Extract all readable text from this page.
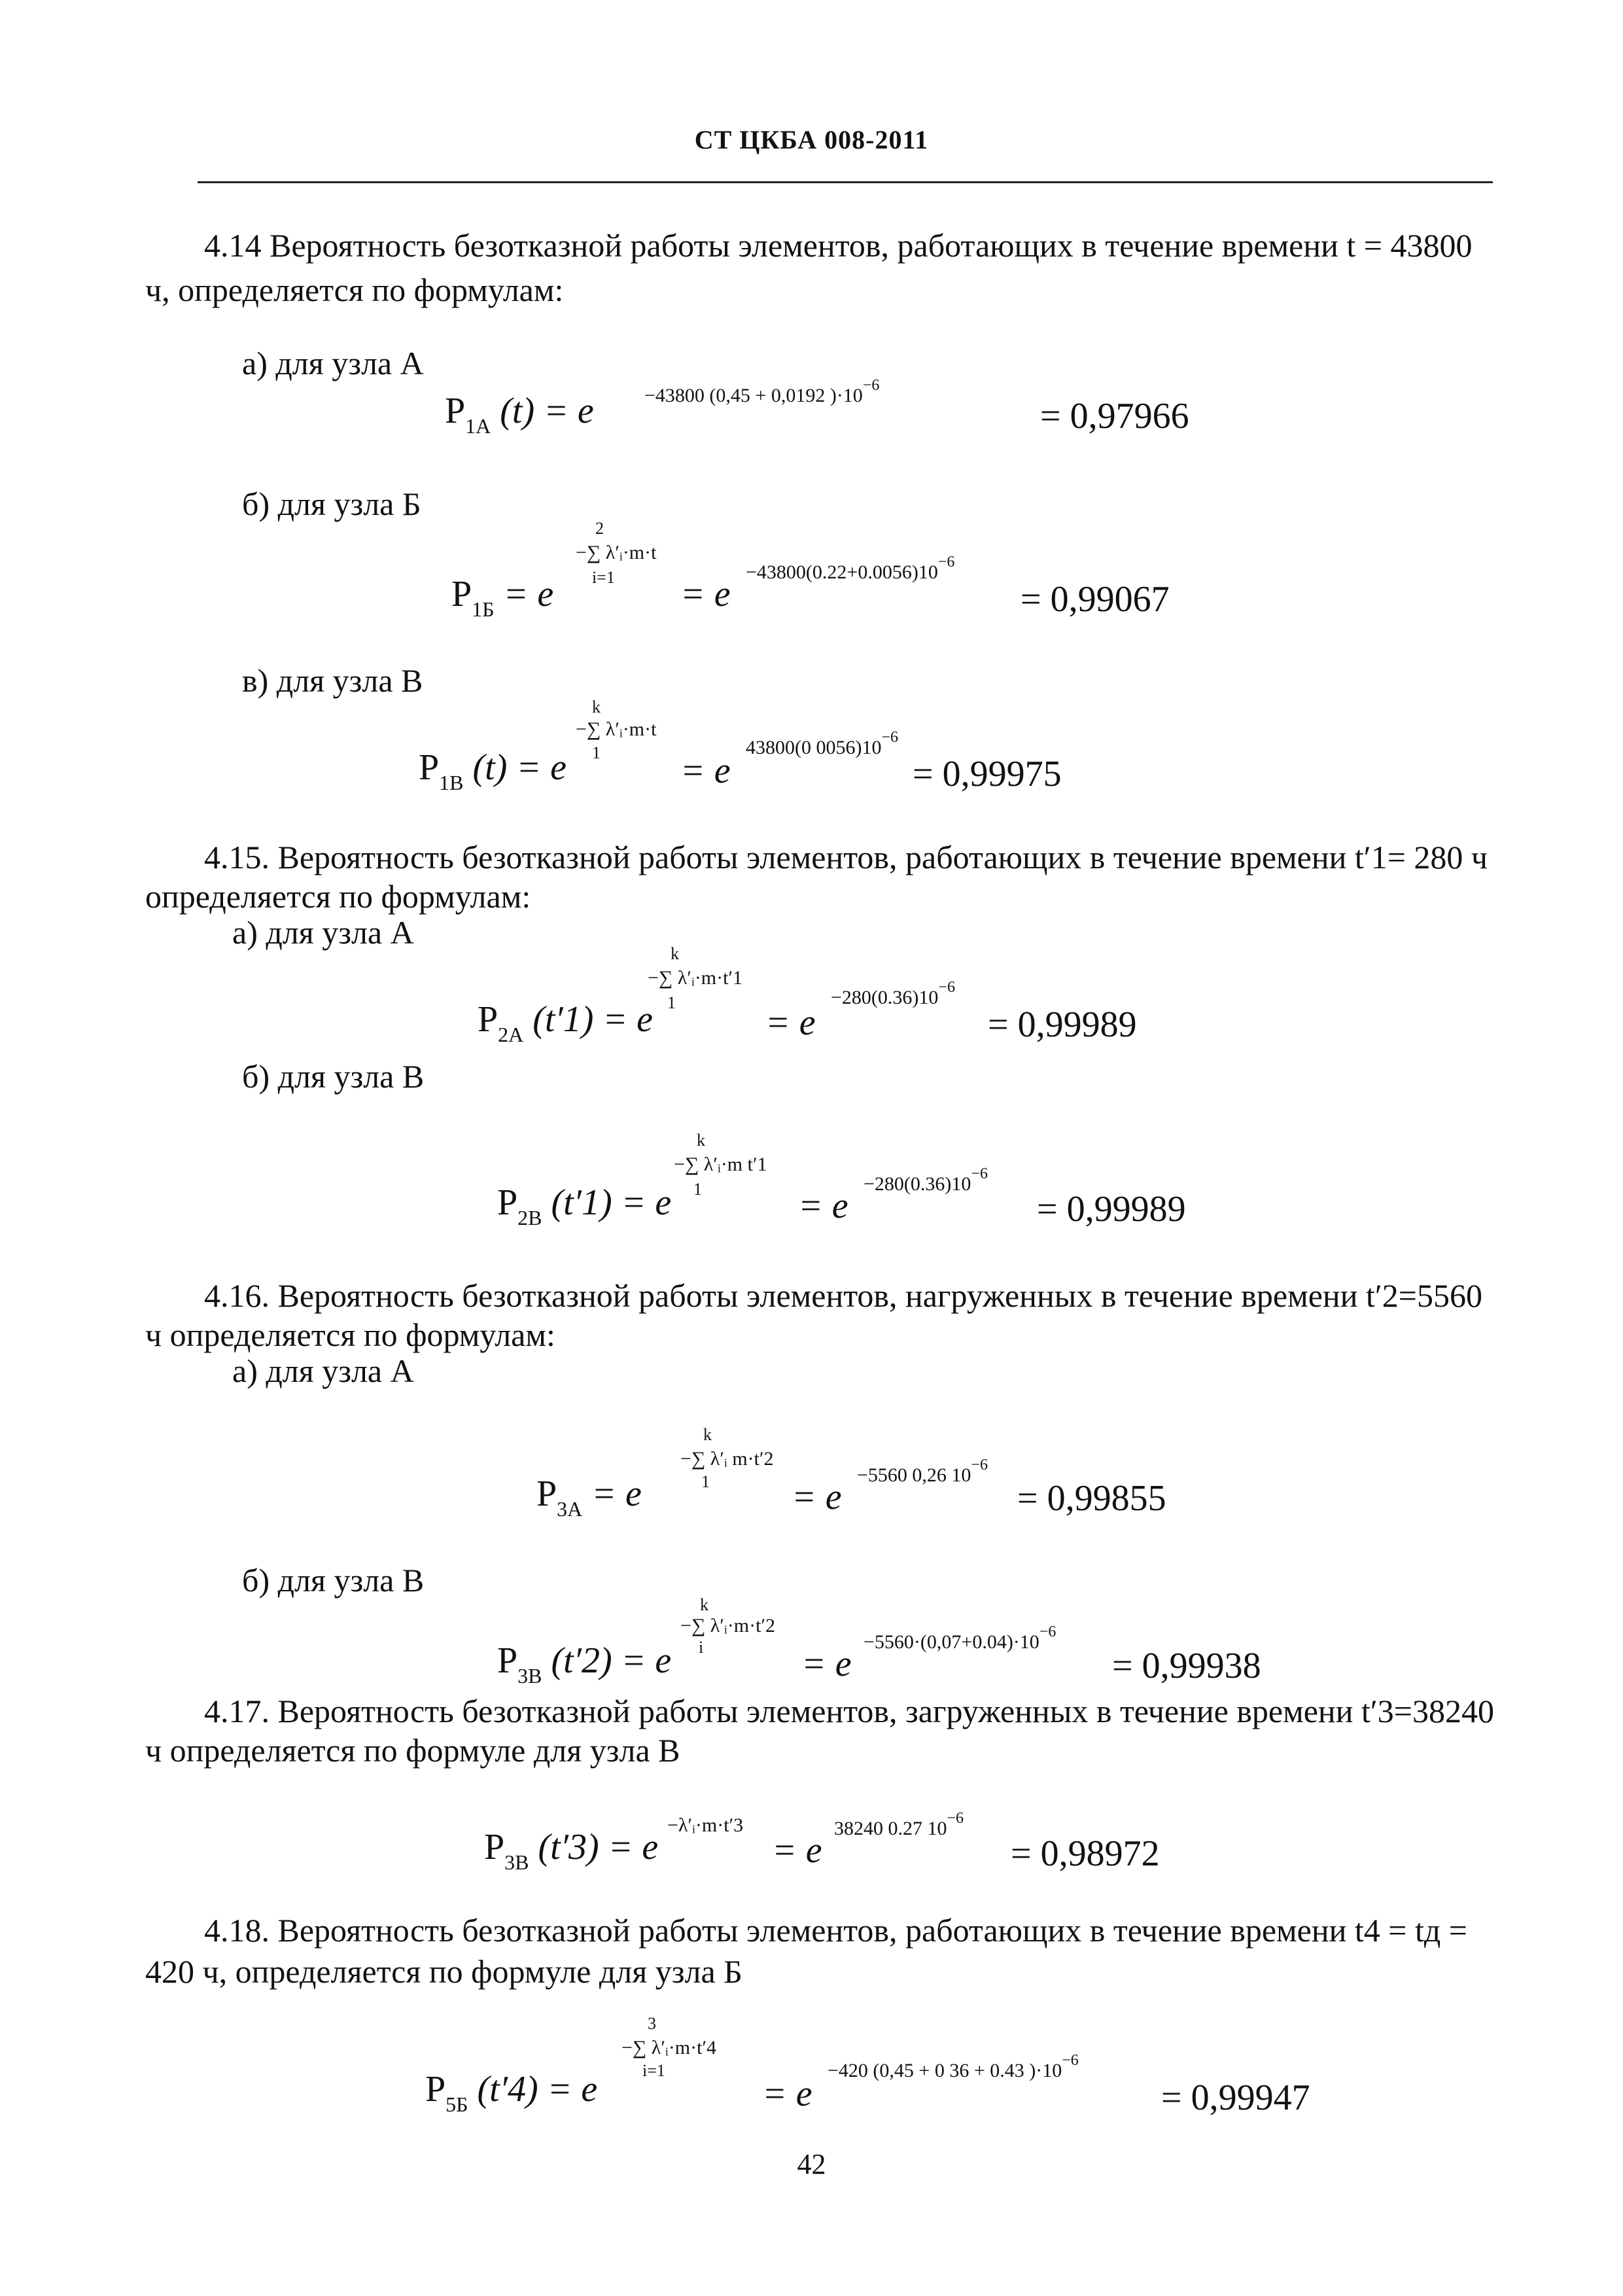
СТ ЦКБА 008-2011
4.14 Вероятность безотказной работы элементов, работающих в течение времени t = 43800
ч, определяется по формулам:
а) для узла А
$P_{1A}$ (t) = e	−43800 (0,45 + 0,0192 )$\cdot 10^{-6}$
= 0,97966
б) для узла Б
$P_{1Б} = e$
2
−∑ λ′ᵢ·m·t
i=1 = e
$-43800(0.22+0.0056)10^{-6}$
= 0,99067
в) для узла В
$P_{1В}$ (t) = e
k
−∑ λ′ᵢ·m·t
1 = e
43800(0 $0056)10^{-6}$
= 0,99975
4.15. Вероятность безотказной работы элементов, работающих в течение времени t′1= 280 ч
определяется по формулам:
а) для узла А
$P_{2А}$ (t′1) = e
k
−∑ λ′ᵢ·m·t′1
1 = e
$-280(0.36)10^{-6}$
= 0,99989
б) для узла В
$P_{2В}$ (t′1) = e
k
−∑ λ′ᵢ·m t′1
1	= e
$-280(0.36)10^{-6}$
= 0,99989
4.16. Вероятность безотказной работы элементов, нагруженных в течение времени t′2=5560
ч определяется по формулам:
а) для узла А
$P_{3A} = e$
k
−∑ λ′ᵢ m·t′2
1 = e
−5560 0,26 $10^{-6}$
= 0,99855
б) для узла В
$P_{3В}$ (t′2) = e
k
−∑ λ′ᵢ·m·t′2
i	= e
$-5560\cdot(0,07+0.04)\cdot 10^{-6}$
= 0,99938
4.17. Вероятность безотказной работы элементов, загруженных в течение времени t′3=38240
ч определяется по формуле для узла В
$P_{3В}$ (t′3) = e
−λ′ᵢ·m·t′3
= e
38240 0.27 $10^{-6}$
= 0,98972
4.18. Вероятность безотказной работы элементов, работающих в течение времени t4 = tд =
420 ч, определяется по формуле для узла Б
$P_{5Б}$ (t′4) = e
3
−∑ λ′ᵢ·m·t′4
i=1
= e
−420 (0,45 + 0 36 + 0.43 )$\cdot 10^{-6}$
= 0,99947
42
